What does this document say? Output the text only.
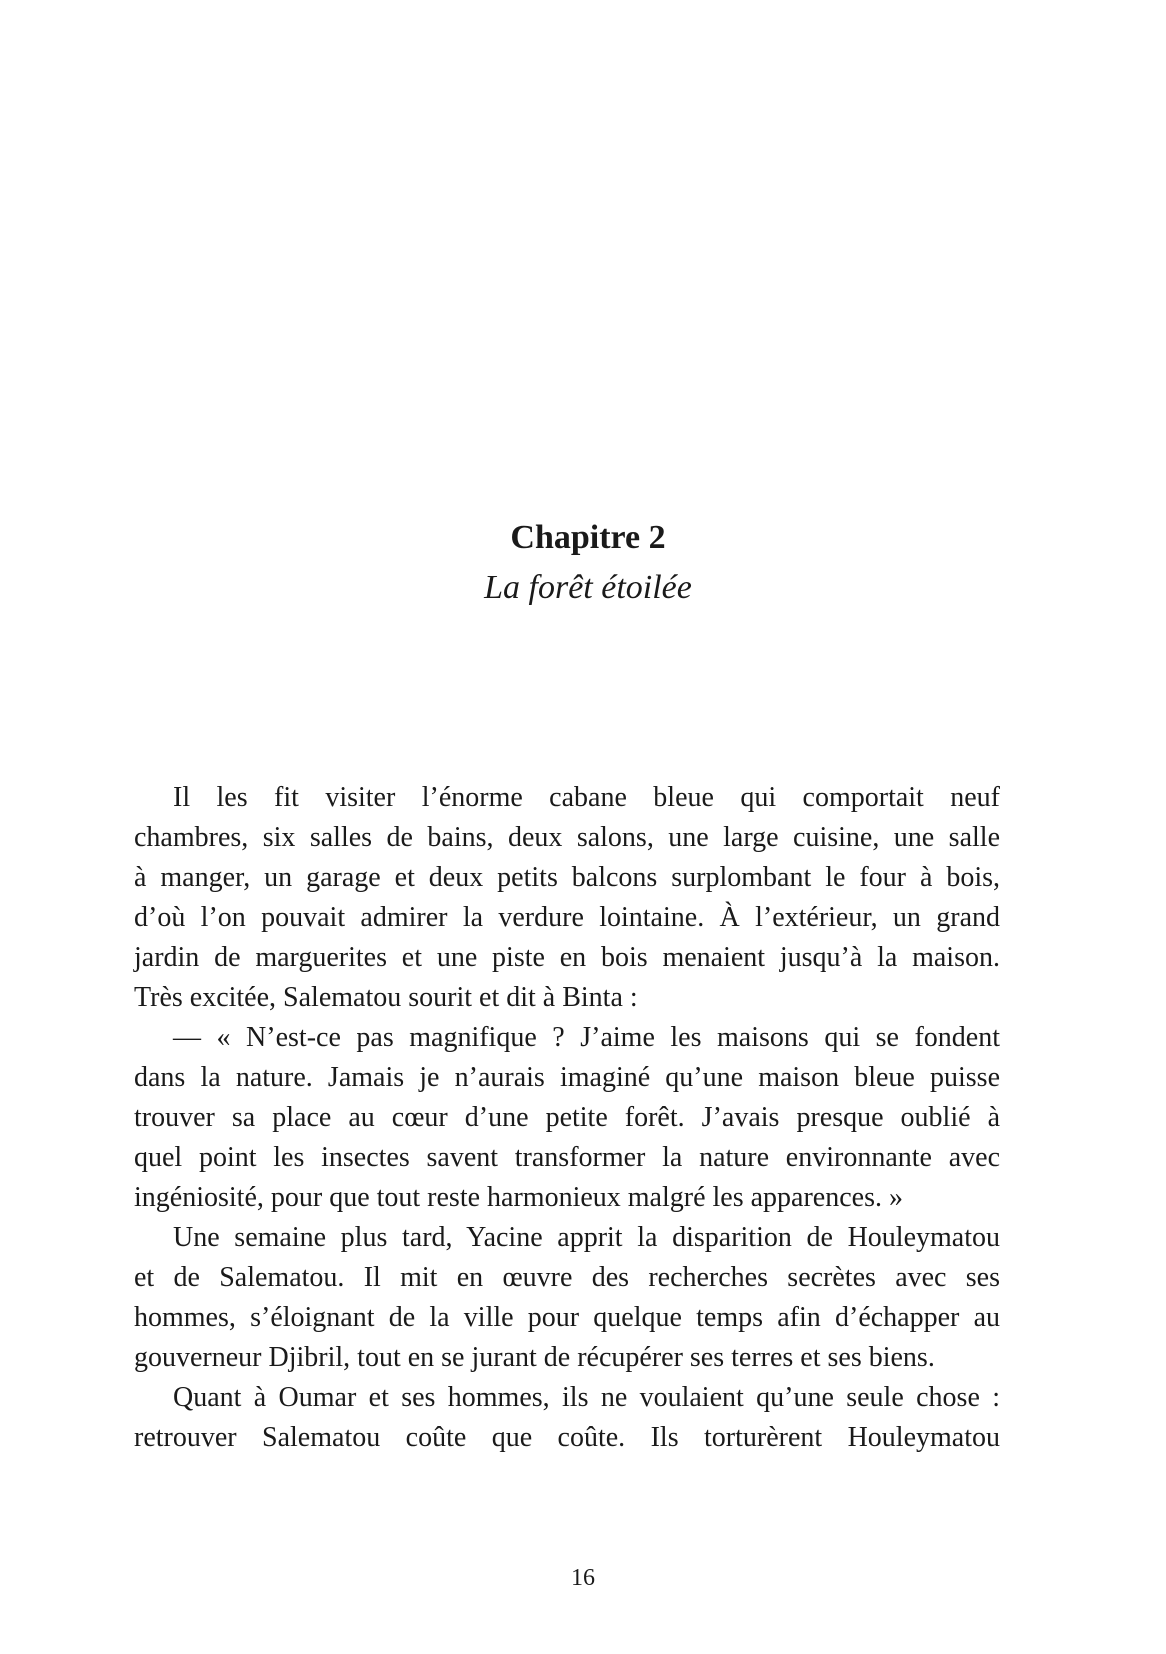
Chapitre 2
La forêt étoilée
Il les fit visiter l’énorme cabane bleue qui comportait neuf
chambres, six salles de bains, deux salons, une large cuisine, une salle
à manger, un garage et deux petits balcons surplombant le four à bois,
d’où l’on pouvait admirer la verdure lointaine. À l’extérieur, un grand
jardin de marguerites et une piste en bois menaient jusqu’à la maison.
Très excitée, Salematou sourit et dit à Binta :
— « N’est-ce pas magnifique ? J’aime les maisons qui se fondent
dans la nature. Jamais je n’aurais imaginé qu’une maison bleue puisse
trouver sa place au cœur d’une petite forêt. J’avais presque oublié à
quel point les insectes savent transformer la nature environnante avec
ingéniosité, pour que tout reste harmonieux malgré les apparences. »
Une semaine plus tard, Yacine apprit la disparition de Houleymatou
et de Salematou. Il mit en œuvre des recherches secrètes avec ses
hommes, s’éloignant de la ville pour quelque temps afin d’échapper au
gouverneur Djibril, tout en se jurant de récupérer ses terres et ses biens.
Quant à Oumar et ses hommes, ils ne voulaient qu’une seule chose :
retrouver Salematou coûte que coûte. Ils torturèrent Houleymatou
16
